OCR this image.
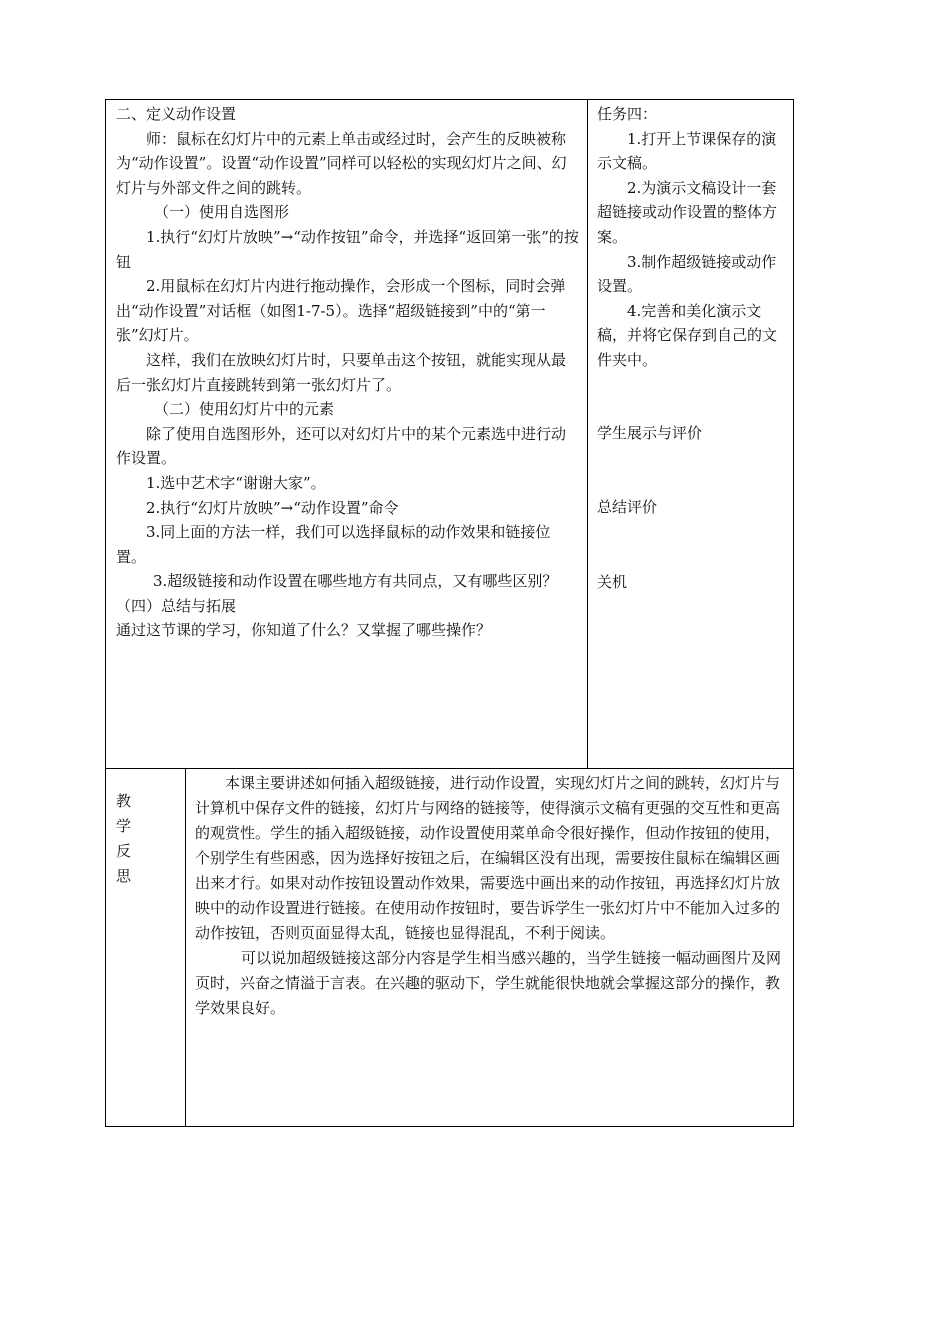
二、定义动作设置

师：鼠标在幻灯片中的元素上单击或经过时，会产生的反映被称为“动作设置”。设置“动作设置”同样可以轻松的实现幻灯片之间、幻灯片与外部文件之间的跳转。

（一）使用自选图形

1.执行“幻灯片放映”→“动作按钮”命令，并选择“返回第一张”的按钮

2.用鼠标在幻灯片内进行拖动操作，会形成一个图标，同时会弹出“动作设置”对话框（如图1-7-5）。选择“超级链接到”中的“第一张”幻灯片。

这样，我们在放映幻灯片时，只要单击这个按钮，就能实现从最后一张幻灯片直接跳转到第一张幻灯片了。

（二）使用幻灯片中的元素

除了使用自选图形外，还可以对幻灯片中的某个元素选中进行动作设置。

1.选中艺术字“谢谢大家”。

2.执行“幻灯片放映”→“动作设置”命令

3.同上面的方法一样，我们可以选择鼠标的动作效果和链接位置。

3.超级链接和动作设置在哪些地方有共同点，又有哪些区别？

（四）总结与拓展

通过这节课的学习，你知道了什么？又掌握了哪些操作？

任务四：

1.打开上节课保存的演示文稿。

2.为演示文稿设计一套超链接或动作设置的整体方案。

3.制作超级链接或动作设置。

4.完善和美化演示文稿，并将它保存到自己的文件夹中。

学生展示与评价

总结评价

关机

教
学
反
思

本课主要讲述如何插入超级链接，进行动作设置，实现幻灯片之间的跳转，幻灯片与计算机中保存文件的链接，幻灯片与网络的链接等，使得演示文稿有更强的交互性和更高的观赏性。学生的插入超级链接，动作设置使用菜单命令很好操作，但动作按钮的使用，个别学生有些困惑，因为选择好按钮之后，在编辑区没有出现，需要按住鼠标在编辑区画出来才行。如果对动作按钮设置动作效果，需要选中画出来的动作按钮，再选择幻灯片放映中的动作设置进行链接。在使用动作按钮时，要告诉学生一张幻灯片中不能加入过多的动作按钮，否则页面显得太乱，链接也显得混乱，不利于阅读。

可以说加超级链接这部分内容是学生相当感兴趣的，当学生链接一幅动画图片及网页时，兴奋之情溢于言表。在兴趣的驱动下，学生就能很快地就会掌握这部分的操作，教学效果良好。
